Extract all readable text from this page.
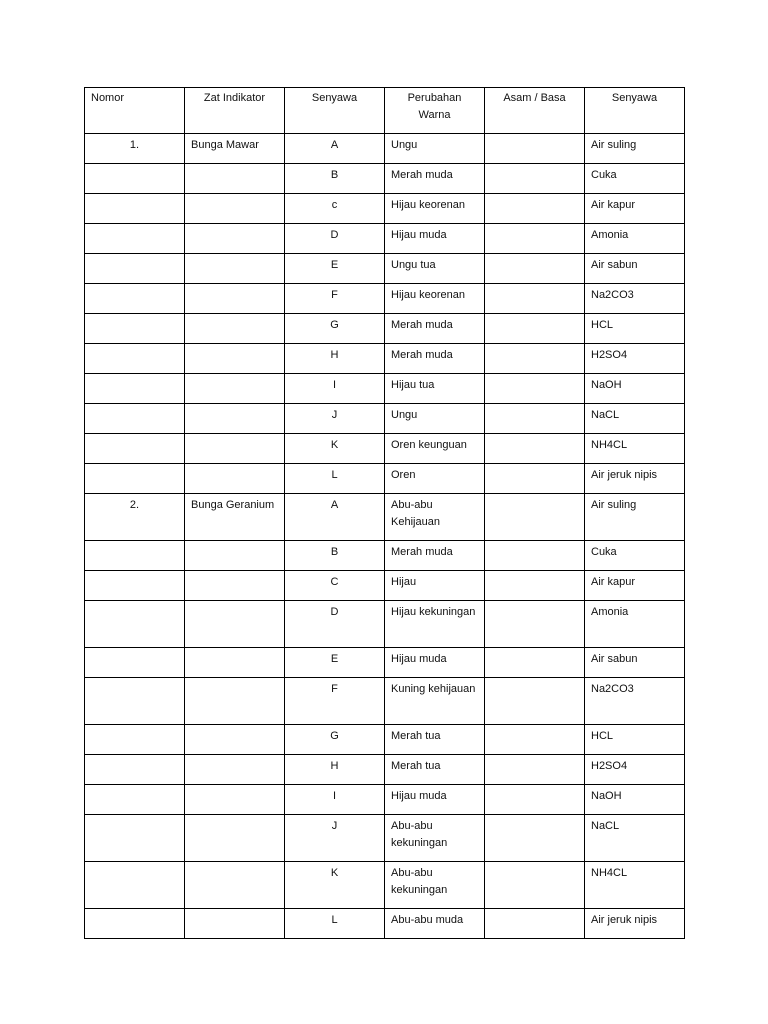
Nomor	Zat Indikator	Senyawa	Perubahan Warna	Asam / Basa	Senyawa
1.	Bunga Mawar	A	Ungu		Air suling
		B	Merah muda		Cuka
		c	Hijau keorenan		Air kapur
		D	Hijau muda		Amonia
		E	Ungu tua		Air sabun
		F	Hijau keorenan		Na2CO3
		G	Merah muda		HCL
		H	Merah muda		H2SO4
		I	Hijau tua		NaOH
		J	Ungu		NaCL
		K	Oren keunguan		NH4CL
		L	Oren		Air jeruk nipis
2.	Bunga Geranium	A	Abu-abu Kehijauan		Air suling
		B	Merah muda		Cuka
		C	Hijau		Air kapur
		D	Hijau kekuningan		Amonia
		E	Hijau muda		Air sabun
		F	Kuning kehijauan		Na2CO3
		G	Merah tua		HCL
		H	Merah tua		H2SO4
		I	Hijau muda		NaOH
		J	Abu-abu kekuningan		NaCL
		K	Abu-abu kekuningan		NH4CL
		L	Abu-abu muda		Air jeruk nipis
